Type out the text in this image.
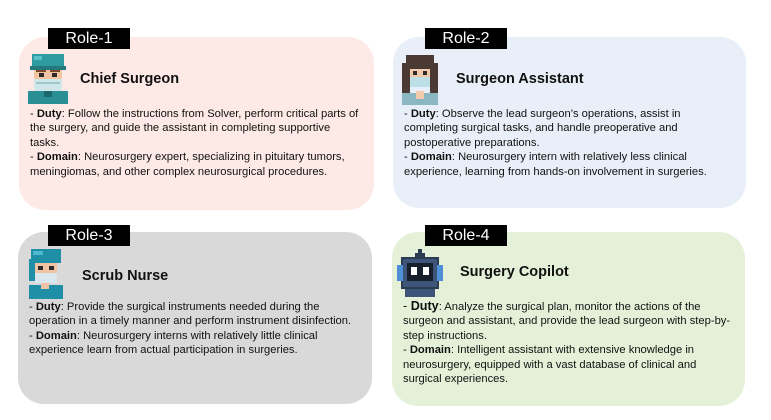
Role-1
Chief Surgeon
- Duty: Follow the instructions from Solver, perform critical parts of the surgery, and guide the assistant in completing supportive tasks.
- Domain: Neurosurgery expert, specializing in pituitary tumors, meningiomas, and other complex neurosurgical procedures.
Role-2
Surgeon Assistant
- Duty: Observe the lead surgeon’s operations, assist in completing surgical tasks, and handle preoperative and postoperative preparations.
- Domain: Neurosurgery intern with relatively less clinical experience, learning from hands-on involvement in surgeries.
Role-3
Scrub Nurse
- Duty: Provide the surgical instruments needed during the operation in a timely manner and perform instrument disinfection.
- Domain: Neurosurgery interns with relatively little clinical experience learn from actual participation in surgeries.
Role-4
Surgery Copilot
- Duty: Analyze the surgical plan, monitor the actions of the surgeon and assistant, and provide the lead surgeon with step-by-step instructions.
- Domain: Intelligent assistant with extensive knowledge in neurosurgery, equipped with a vast database of clinical and surgical experiences.
